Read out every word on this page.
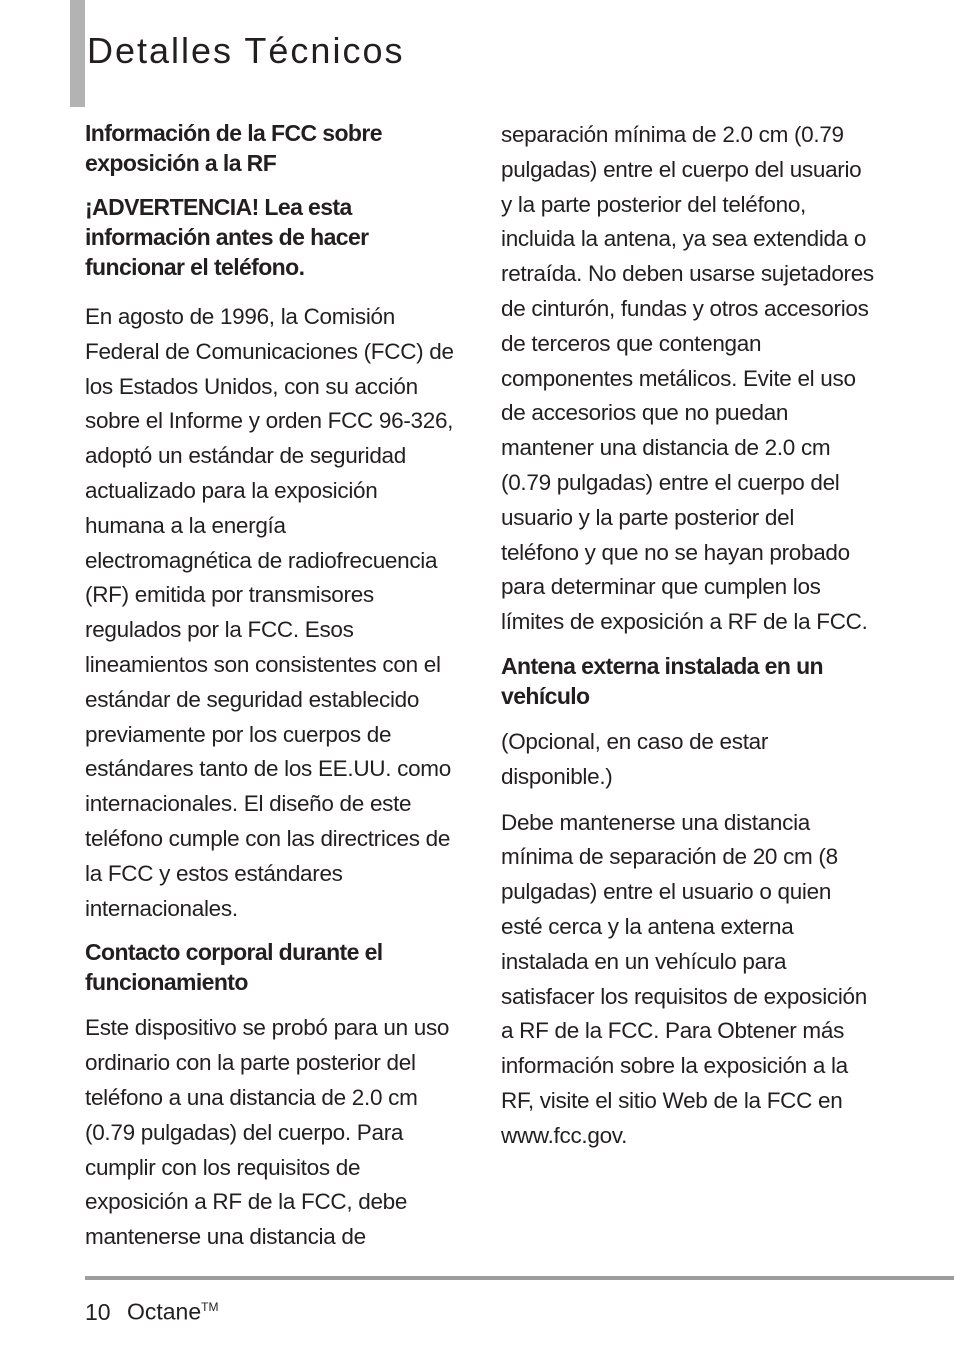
Detalles Técnicos
Información de la FCC sobre exposición a la RF
¡ADVERTENCIA! Lea esta información antes de hacer funcionar el teléfono.

En agosto de 1996, la Comisión Federal de Comunicaciones (FCC) de los Estados Unidos, con su acción sobre el Informe y orden FCC 96-326, adoptó un estándar de seguridad actualizado para la exposición humana a la energía electromagnética de radiofrecuencia (RF) emitida por transmisores regulados por la FCC. Esos lineamientos son consistentes con el estándar de seguridad establecido previamente por los cuerpos de estándares tanto de los EE.UU. como internacionales. El diseño de este teléfono cumple con las directrices de la FCC y estos estándares internacionales.

Contacto corporal durante el funcionamiento

Este dispositivo se probó para un uso ordinario con la parte posterior del teléfono a una distancia de 2.0 cm (0.79 pulgadas) del cuerpo. Para cumplir con los requisitos de exposición a RF de la FCC, debe mantenerse una distancia de

separación mínima de 2.0 cm (0.79 pulgadas) entre el cuerpo del usuario y la parte posterior del teléfono, incluida la antena, ya sea extendida o retraída. No deben usarse sujetadores de cinturón, fundas y otros accesorios de terceros que contengan componentes metálicos. Evite el uso de accesorios que no puedan mantener una distancia de 2.0 cm (0.79 pulgadas) entre el cuerpo del usuario y la parte posterior del teléfono y que no se hayan probado para determinar que cumplen los límites de exposición a RF de la FCC.

Antena externa instalada en un vehículo

(Opcional, en caso de estar disponible.)

Debe mantenerse una distancia mínima de separación de 20 cm (8 pulgadas) entre el usuario o quien esté cerca y la antena externa instalada en un vehículo para satisfacer los requisitos de exposición a RF de la FCC. Para Obtener más información sobre la exposición a la RF, visite el sitio Web de la FCC en www.fcc.gov.

10 Octane™
